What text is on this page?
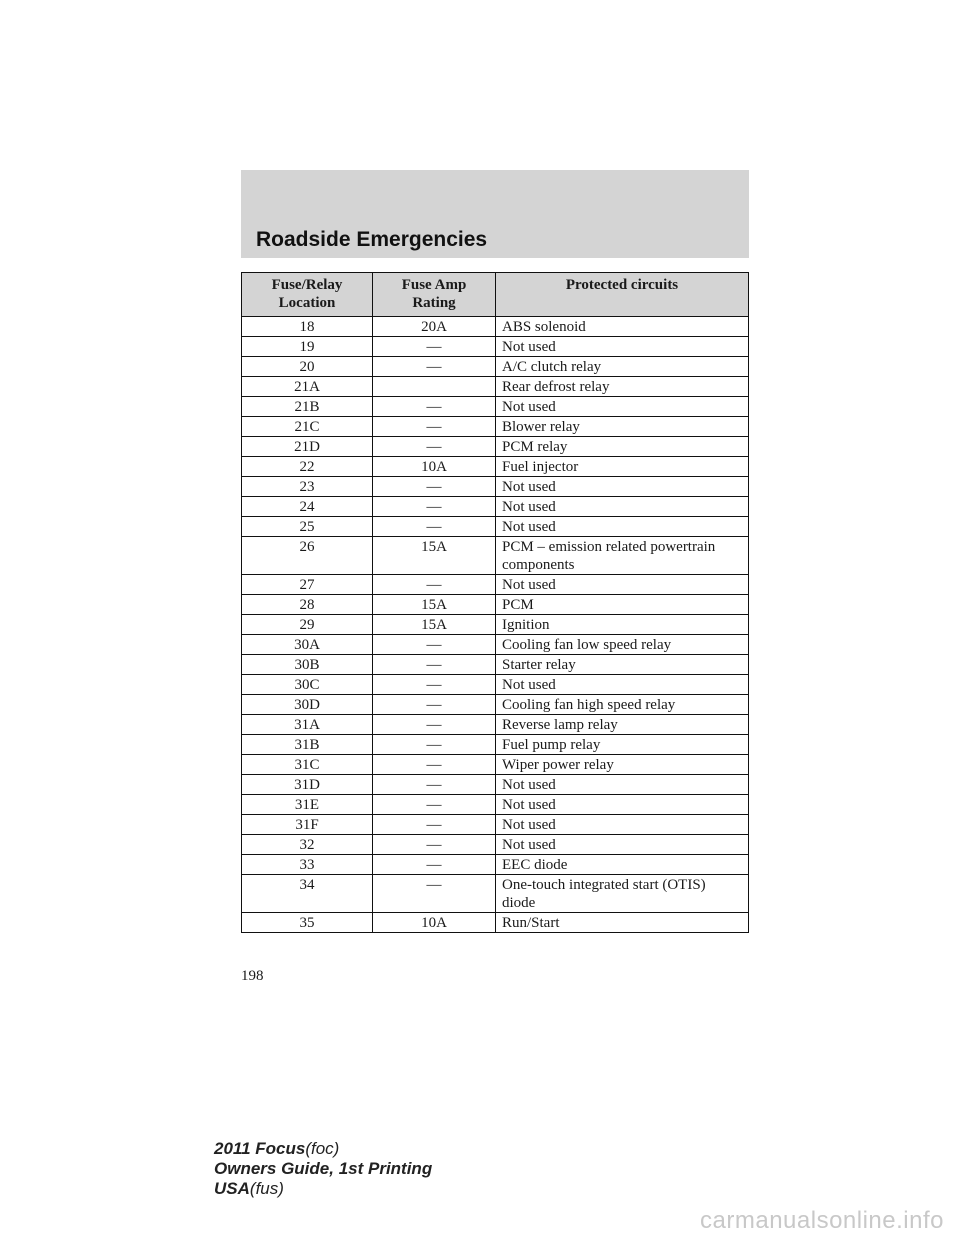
Roadside Emergencies
Fuse/Relay Location	Fuse Amp Rating	Protected circuits
18	20A	ABS solenoid
19	—	Not used
20	—	A/C clutch relay
21A		Rear defrost relay
21B	—	Not used
21C	—	Blower relay
21D	—	PCM relay
22	10A	Fuel injector
23	—	Not used
24	—	Not used
25	—	Not used
26	15A	PCM – emission related powertrain components
27	—	Not used
28	15A	PCM
29	15A	Ignition
30A	—	Cooling fan low speed relay
30B	—	Starter relay
30C	—	Not used
30D	—	Cooling fan high speed relay
31A	—	Reverse lamp relay
31B	—	Fuel pump relay
31C	—	Wiper power relay
31D	—	Not used
31E	—	Not used
31F	—	Not used
32	—	Not used
33	—	EEC diode
34	—	One-touch integrated start (OTIS) diode
35	10A	Run/Start
198
2011 Focus(foc)
Owners Guide, 1st Printing
USA(fus)
carmanualsonline.info
